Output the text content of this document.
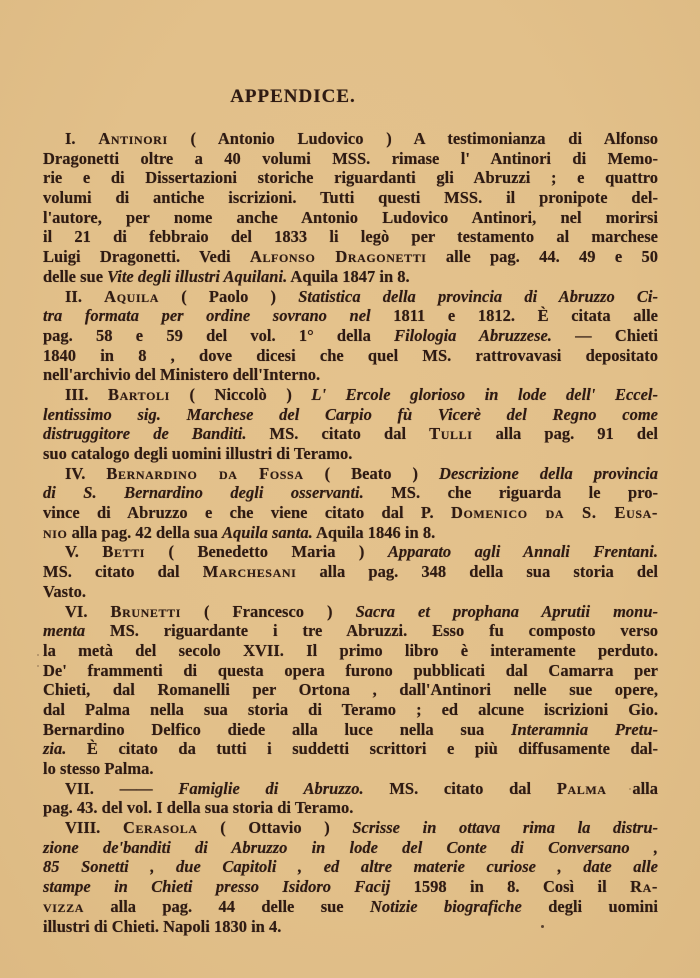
APPENDICE.
I. Antinori ( Antonio Ludovico ) A testimonianza di Alfonso
Dragonetti oltre a 40 volumi MSS. rimase l' Antinori di Memo-
rie e di Dissertazioni storiche riguardanti gli Abruzzi ; e quattro
volumi di antiche iscrizioni. Tutti questi MSS. il pronipote del-
l'autore, per nome anche Antonio Ludovico Antinori, nel morirsi
il 21 di febbraio del 1833 li legò per testamento al marchese
Luigi Dragonetti. Vedi Alfonso Dragonetti alle pag. 44. 49 e 50
delle sue Vite degli illustri Aquilani. Aquila 1847 in 8.
II. Aquila ( Paolo ) Statistica della provincia di Abruzzo Ci-
tra formata per ordine sovrano nel 1811 e 1812. È citata alle
pag. 58 e 59 del vol. 1° della Filologia Abruzzese. — Chieti
1840 in 8 , dove dicesi che quel MS. rattrovavasi depositato
nell'archivio del Ministero dell'Interno.
III. Bartoli ( Niccolò ) L' Ercole glorioso in lode dell' Eccel-
lentissimo sig. Marchese del Carpio fù Vicerè del Regno come
distruggitore de Banditi. MS. citato dal Tulli alla pag. 91 del
suo catalogo degli uomini illustri di Teramo.
IV. Bernardino da Fossa ( Beato ) Descrizione della provincia
di S. Bernardino degli osservanti. MS. che riguarda le pro-
vince di Abruzzo e che viene citato dal P. Domenico da S. Eusa-
nio alla pag. 42 della sua Aquila santa. Aquila 1846 in 8.
V. Betti ( Benedetto Maria ) Apparato agli Annali Frentani.
MS. citato dal Marchesani alla pag. 348 della sua storia del
Vasto.
VI. Brunetti ( Francesco ) Sacra et prophana Aprutii monu-
menta MS. riguardante i tre Abruzzi. Esso fu composto verso
la metà del secolo XVII. Il primo libro è interamente perduto.
De' frammenti di questa opera furono pubblicati dal Camarra per
Chieti, dal Romanelli per Ortona , dall'Antinori nelle sue opere,
dal Palma nella sua storia di Teramo ; ed alcune iscrizioni Gio.
Bernardino Delfico diede alla luce nella sua Interamnia Pretu-
zia. È citato da tutti i suddetti scrittori e più diffusamente dal-
lo stesso Palma.
VII. —— Famiglie di Abruzzo. MS. citato dal Palma alla
pag. 43. del vol. I della sua storia di Teramo.
VIII. Cerasola ( Ottavio ) Scrisse in ottava rima la distru-
zione de'banditi di Abruzzo in lode del Conte di Conversano ,
85 Sonetti , due Capitoli , ed altre materie curiose , date alle
stampe in Chieti presso Isidoro Facij 1598 in 8. Così il Ra-
vizza alla pag. 44 delle sue Notizie biografiche degli uomini
illustri di Chieti. Napoli 1830 in 4.
